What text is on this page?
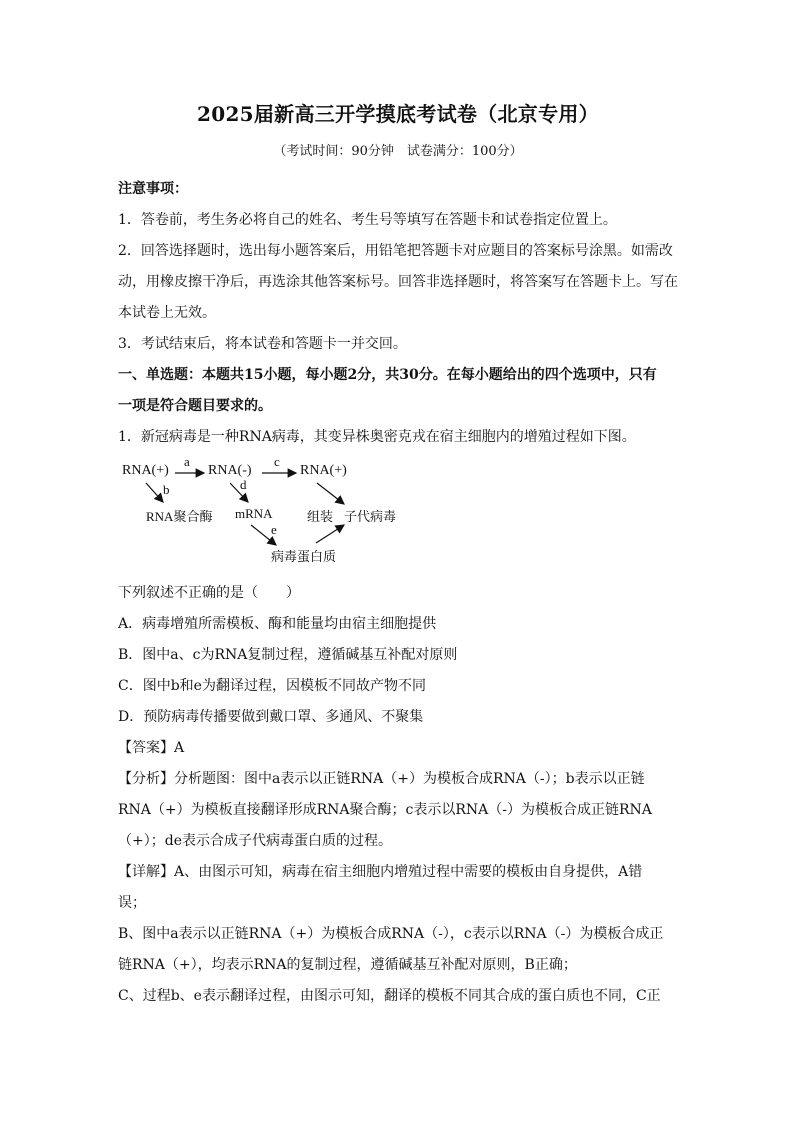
2025届新高三开学摸底考试卷（北京专用）
（考试时间：90分钟　试卷满分：100分）
注意事项：
1．答卷前，考生务必将自己的姓名、考生号等填写在答题卡和试卷指定位置上。
2．回答选择题时，选出每小题答案后，用铅笔把答题卡对应题目的答案标号涂黑。如需改
动，用橡皮擦干净后，再选涂其他答案标号。回答非选择题时，将答案写在答题卡上。写在
本试卷上无效。
3．考试结束后，将本试卷和答题卡一并交回。
一、单选题：本题共15小题，每小题2分，共30分。在每小题给出的四个选项中，只有
一项是符合题目要求的。
1．新冠病毒是一种RNA病毒，其变异株奥密克戎在宿主细胞内的增殖过程如下图。
RNA(+)	RNA(-)	RNA(+)
a	c
b	d
e
RNA聚合酶 mRNA	组装 子代病毒
病毒蛋白质
下列叙述不正确的是（　　）
A．病毒增殖所需模板、酶和能量均由宿主细胞提供
B．图中a、c为RNA复制过程，遵循碱基互补配对原则
C．图中b和e为翻译过程，因模板不同故产物不同
D．预防病毒传播要做到戴口罩、多通风、不聚集
【答案】A
【分析】分析题图：图中a表示以正链RNA（+）为模板合成RNA（-）；b表示以正链
RNA（+）为模板直接翻译形成RNA聚合酶；c表示以RNA（-）为模板合成正链RNA
（+）；de表示合成子代病毒蛋白质的过程。
【详解】A、由图示可知，病毒在宿主细胞内增殖过程中需要的模板由自身提供，A错
误；
B、图中a表示以正链RNA（+）为模板合成RNA（-），c表示以RNA（-）为模板合成正
链RNA（+），均表示RNA的复制过程，遵循碱基互补配对原则，B正确；
C、过程b、e表示翻译过程，由图示可知，翻译的模板不同其合成的蛋白质也不同，C正
